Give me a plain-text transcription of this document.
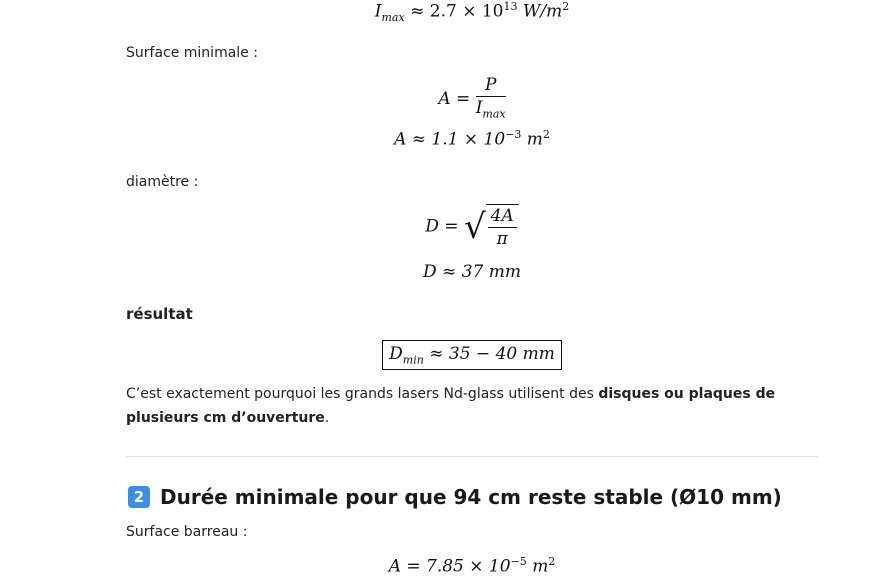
$I_{max} \approx 2.7 \times 10^{13}$ $W/m^2$
Surface minimale :
$A = \frac{P}{I_{max}}$
$A \approx 1.1 \times 10^{-3}$ $m^2$
diamètre :
D = √ $\frac{4A}{\pi}$
D ≈ 37 mm
résultat
$D_{min} \approx 35 - 40$ mm
C’est exactement pourquoi les grands lasers Nd-glass utilisent des disques ou plaques de plusieurs cm d’ouverture.
2 Durée minimale pour que 94 cm reste stable (Ø10 mm)
Surface barreau :
$A = 7.85 \times 10^{-5}$ $m^2$
